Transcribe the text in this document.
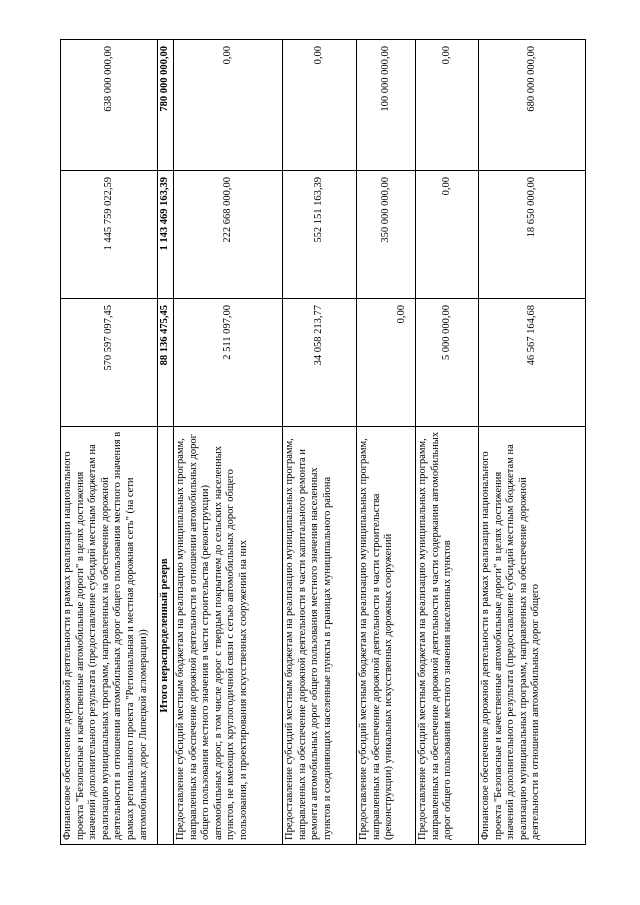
Финансовое обеспечение дорожной деятельности в рамках реализации национального проекта "Безопасные и качественные автомобильные дороги" в целях достижения значений дополнительного результата (предоставление субсидий местным бюджетам на реализацию муниципальных программ, направленных на обеспечение дорожной деятельности в отношении автомобильных дорог общего пользования местного значения в рамках регионального проекта "Региональная и местная дорожная сеть" (на сети автомобильных дорог Липецкой агломерации))	570 597 097,45	1 445 759 022,59	638 000 000,00
Итого нераспределенный резерв	88 136 475,45	1 143 469 163,39	780 000 000,00
Предоставление субсидий местным бюджетам на реализацию муниципальных программ, направленных на обеспечение дорожной деятельности в отношении автомобильных дорог общего пользования местного значения в части строительства (реконструкции) автомобильных дорог, в том числе дорог с твердым покрытием до сельских населенных пунктов, не имеющих круглогодичной связи с сетью автомобильных дорог общего пользования, и проектирования искусственных сооружений на них	2 511 097,00	222 668 000,00	0,00
Предоставление субсидий местным бюджетам на реализацию муниципальных программ, направленных на обеспечение дорожной деятельности в части капитального ремонта и ремонта автомобильных дорог общего пользования местного значения населенных пунктов и соединяющих населенные пункты в границах муниципального района	34 058 213,77	552 151 163,39	0,00
Предоставление субсидий местным бюджетам на реализацию муниципальных программ, направленных на обеспечение дорожной деятельности в части строительства (реконструкции) уникальных искусственных дорожных сооружений	0,00	350 000 000,00	100 000 000,00
Предоставление субсидий местным бюджетам на реализацию муниципальных программ, направленных на обеспечение дорожной деятельности в части содержания автомобильных дорог общего пользования местного значения населенных пунктов	5 000 000,00	0,00	0,00
Финансовое обеспечение дорожной деятельности в рамках реализации национального проекта "Безопасные и качественные автомобильные дороги" в целях достижения значений дополнительного результата (предоставление субсидий местным бюджетам на реализацию муниципальных программ, направленных на обеспечение дорожной деятельности в отношении автомобильных дорог общего	46 567 164,68	18 650 000,00	680 000 000,00
